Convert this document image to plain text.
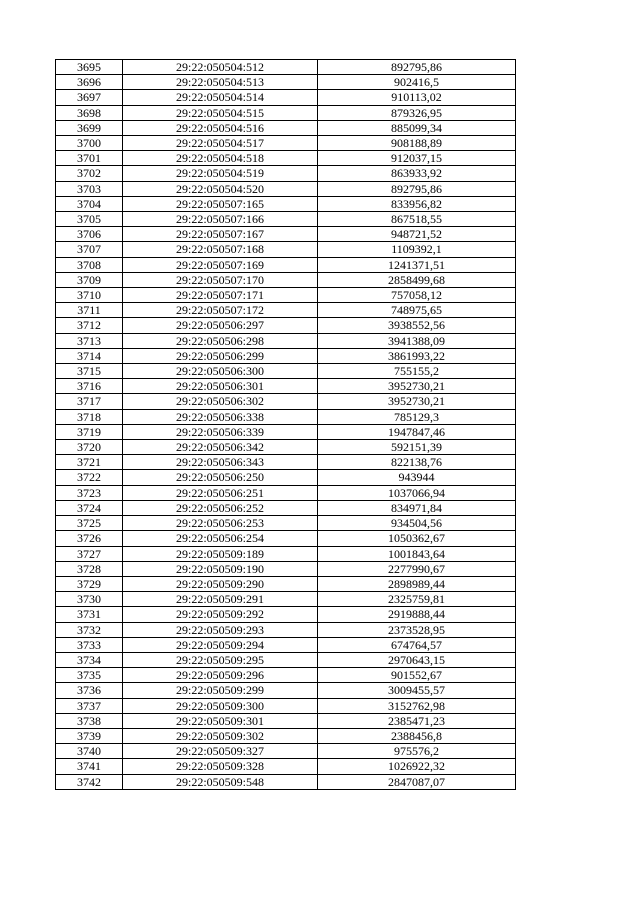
3695	29:22:050504:512	892795,86
3696	29:22:050504:513	902416,5
3697	29:22:050504:514	910113,02
3698	29:22:050504:515	879326,95
3699	29:22:050504:516	885099,34
3700	29:22:050504:517	908188,89
3701	29:22:050504:518	912037,15
3702	29:22:050504:519	863933,92
3703	29:22:050504:520	892795,86
3704	29:22:050507:165	833956,82
3705	29:22:050507:166	867518,55
3706	29:22:050507:167	948721,52
3707	29:22:050507:168	1109392,1
3708	29:22:050507:169	1241371,51
3709	29:22:050507:170	2858499,68
3710	29:22:050507:171	757058,12
3711	29:22:050507:172	748975,65
3712	29:22:050506:297	3938552,56
3713	29:22:050506:298	3941388,09
3714	29:22:050506:299	3861993,22
3715	29:22:050506:300	755155,2
3716	29:22:050506:301	3952730,21
3717	29:22:050506:302	3952730,21
3718	29:22:050506:338	785129,3
3719	29:22:050506:339	1947847,46
3720	29:22:050506:342	592151,39
3721	29:22:050506:343	822138,76
3722	29:22:050506:250	943944
3723	29:22:050506:251	1037066,94
3724	29:22:050506:252	834971,84
3725	29:22:050506:253	934504,56
3726	29:22:050506:254	1050362,67
3727	29:22:050509:189	1001843,64
3728	29:22:050509:190	2277990,67
3729	29:22:050509:290	2898989,44
3730	29:22:050509:291	2325759,81
3731	29:22:050509:292	2919888,44
3732	29:22:050509:293	2373528,95
3733	29:22:050509:294	674764,57
3734	29:22:050509:295	2970643,15
3735	29:22:050509:296	901552,67
3736	29:22:050509:299	3009455,57
3737	29:22:050509:300	3152762,98
3738	29:22:050509:301	2385471,23
3739	29:22:050509:302	2388456,8
3740	29:22:050509:327	975576,2
3741	29:22:050509:328	1026922,32
3742	29:22:050509:548	2847087,07
